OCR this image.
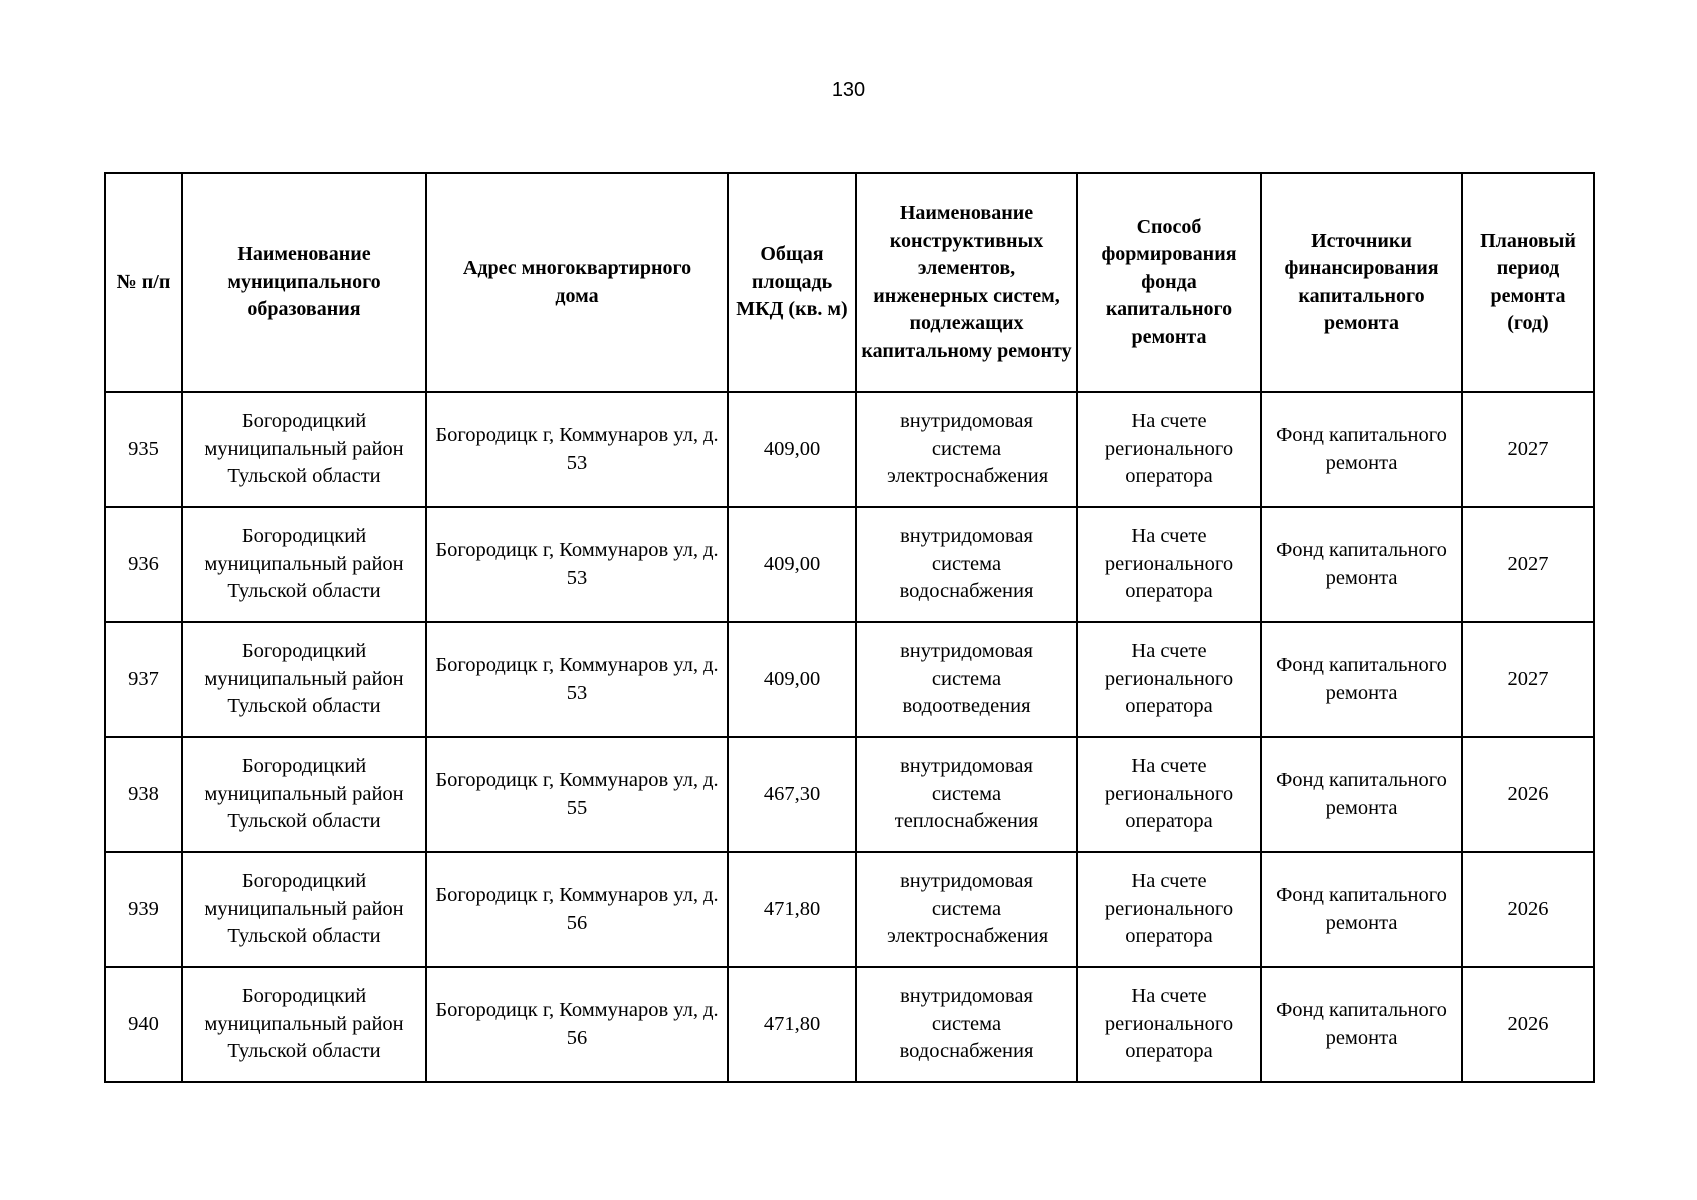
130
№ п/п	Наименование муниципального образования	Адрес многоквартирного дома	Общая площадь МКД (кв. м)	Наименование конструктивных элементов, инженерных систем, подлежащих капитальному ремонту	Способ формирования фонда капитального ремонта	Источники финансирования капитального ремонта	Плановый период ремонта (год)
935	Богородицкий муниципальный район Тульской области	Богородицк г, Коммунаров ул, д. 53	409,00	внутридомовая система электроснабжения	На счете регионального оператора	Фонд капитального ремонта	2027
936	Богородицкий муниципальный район Тульской области	Богородицк г, Коммунаров ул, д. 53	409,00	внутридомовая система водоснабжения	На счете регионального оператора	Фонд капитального ремонта	2027
937	Богородицкий муниципальный район Тульской области	Богородицк г, Коммунаров ул, д. 53	409,00	внутридомовая система водоотведения	На счете регионального оператора	Фонд капитального ремонта	2027
938	Богородицкий муниципальный район Тульской области	Богородицк г, Коммунаров ул, д. 55	467,30	внутридомовая система теплоснабжения	На счете регионального оператора	Фонд капитального ремонта	2026
939	Богородицкий муниципальный район Тульской области	Богородицк г, Коммунаров ул, д. 56	471,80	внутридомовая система электроснабжения	На счете регионального оператора	Фонд капитального ремонта	2026
940	Богородицкий муниципальный район Тульской области	Богородицк г, Коммунаров ул, д. 56	471,80	внутридомовая система водоснабжения	На счете регионального оператора	Фонд капитального ремонта	2026
